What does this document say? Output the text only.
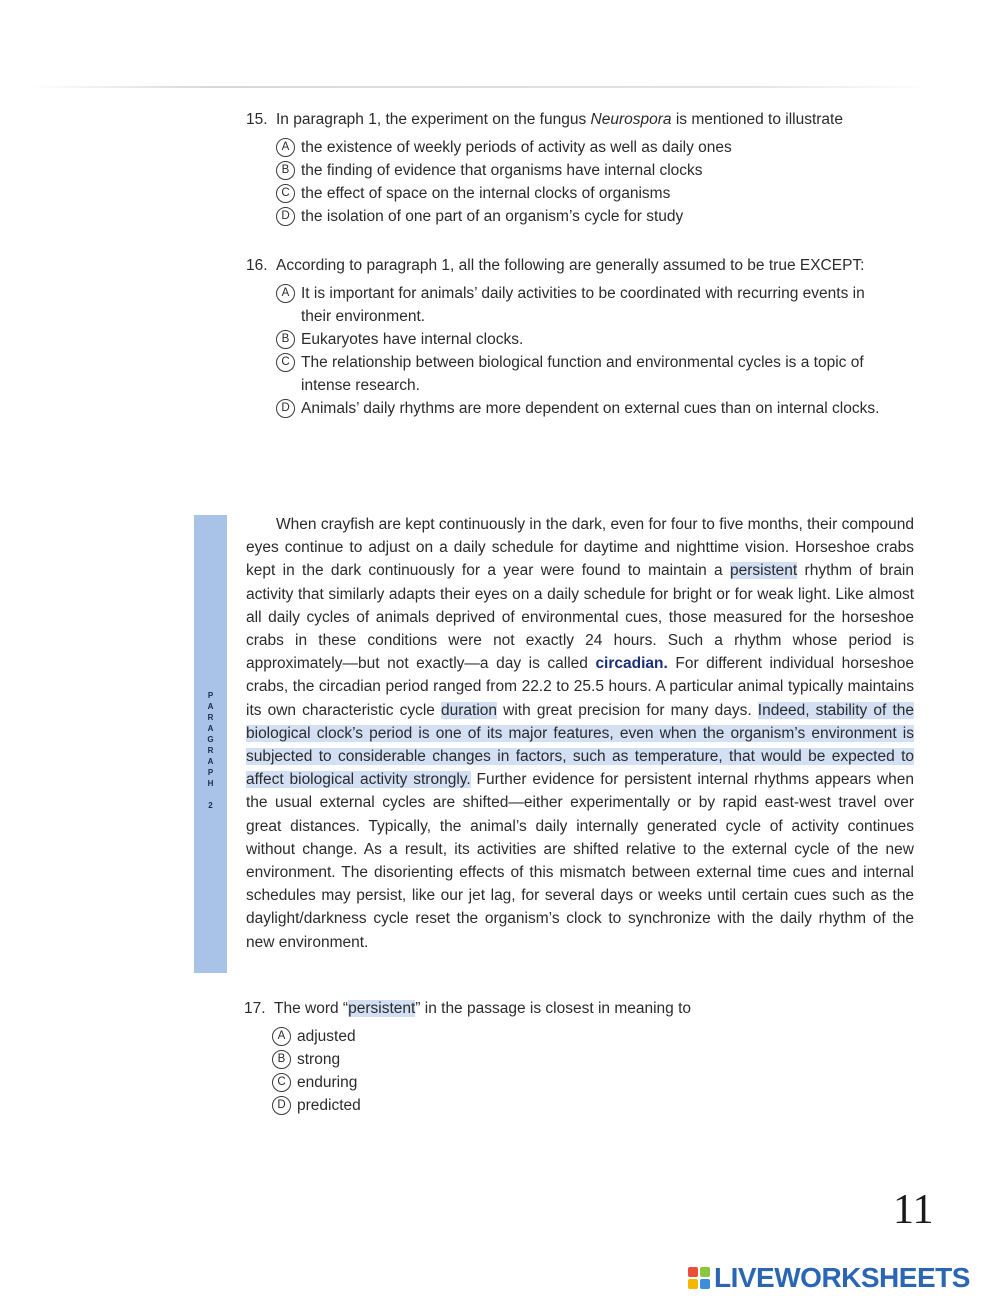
15. In paragraph 1, the experiment on the fungus Neurospora is mentioned to illustrate
A the existence of weekly periods of activity as well as daily ones
B the finding of evidence that organisms have internal clocks
C the effect of space on the internal clocks of organisms
D the isolation of one part of an organism’s cycle for study
16. According to paragraph 1, all the following are generally assumed to be true EXCEPT:
A It is important for animals’ daily activities to be coordinated with recurring events in their environment.
B Eukaryotes have internal clocks.
C The relationship between biological function and environmental cycles is a topic of intense research.
D Animals’ daily rhythms are more dependent on external cues than on internal clocks.
P
A
R
A
G
R
A
P
H

2

When crayfish are kept continuously in the dark, even for four to five months, their compound eyes continue to adjust on a daily schedule for daytime and nighttime vision. Horseshoe crabs kept in the dark continuously for a year were found to maintain a persistent rhythm of brain activity that similarly adapts their eyes on a daily schedule for bright or for weak light. Like almost all daily cycles of animals deprived of environmental cues, those measured for the horseshoe crabs in these conditions were not exactly 24 hours. Such a rhythm whose period is approximately—but not exactly—a day is called circadian. For different individual horseshoe crabs, the circadian period ranged from 22.2 to 25.5 hours. A particular animal typically maintains its own characteristic cycle duration with great precision for many days. Indeed, stability of the biological clock’s period is one of its major features, even when the organism’s environment is subjected to considerable changes in factors, such as temperature, that would be expected to affect biological activity strongly. Further evidence for persistent internal rhythms appears when the usual external cycles are shifted—either experimentally or by rapid east-west travel over great distances. Typically, the animal’s daily internally generated cycle of activity continues without change. As a result, its activities are shifted relative to the external cycle of the new environment. The disorienting effects of this mismatch between external time cues and internal schedules may persist, like our jet lag, for several days or weeks until certain cues such as the daylight/darkness cycle reset the organism’s clock to synchronize with the daily rhythm of the new environment.

17. The word “persistent” in the passage is closest in meaning to
A adjusted
B strong
C enduring
D predicted
11
LIVEWORKSHEETS
